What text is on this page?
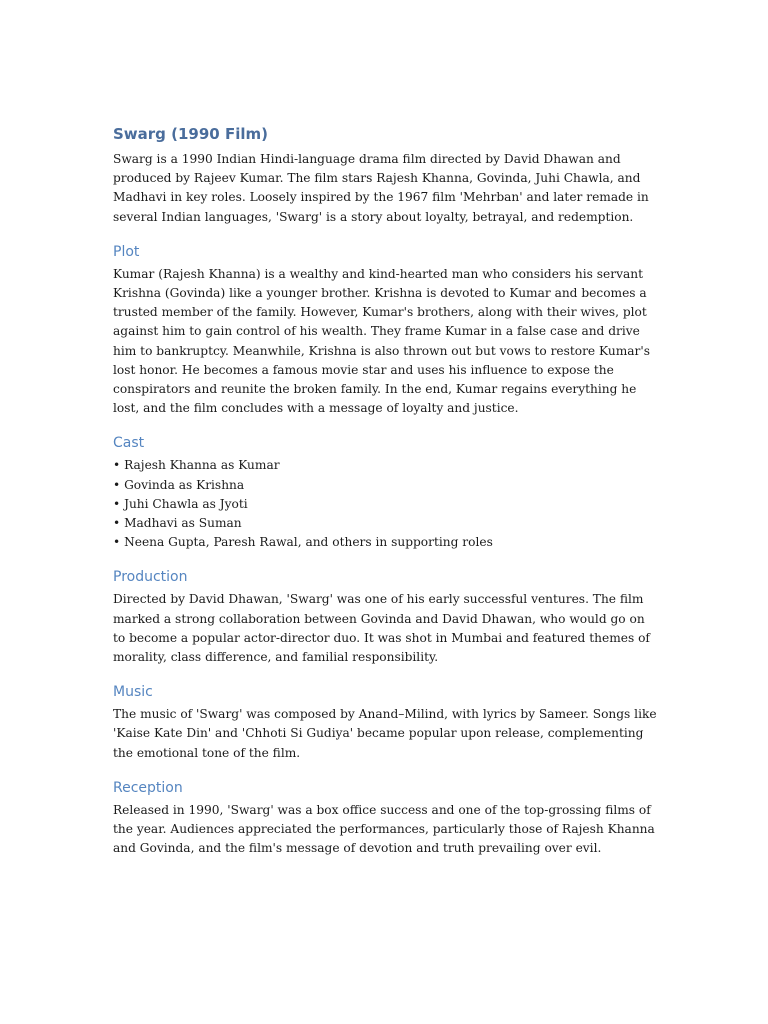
Swarg (1990 Film)

Swarg is a 1990 Indian Hindi-language drama film directed by David Dhawan and produced by Rajeev Kumar. The film stars Rajesh Khanna, Govinda, Juhi Chawla, and Madhavi in key roles. Loosely inspired by the 1967 film 'Mehrban' and later remade in several Indian languages, 'Swarg' is a story about loyalty, betrayal, and redemption.

Plot

Kumar (Rajesh Khanna) is a wealthy and kind-hearted man who considers his servant Krishna (Govinda) like a younger brother. Krishna is devoted to Kumar and becomes a trusted member of the family. However, Kumar's brothers, along with their wives, plot against him to gain control of his wealth. They frame Kumar in a false case and drive him to bankruptcy. Meanwhile, Krishna is also thrown out but vows to restore Kumar's lost honor. He becomes a famous movie star and uses his influence to expose the conspirators and reunite the broken family. In the end, Kumar regains everything he lost, and the film concludes with a message of loyalty and justice.

Cast
• Rajesh Khanna as Kumar
• Govinda as Krishna
• Juhi Chawla as Jyoti
• Madhavi as Suman
• Neena Gupta, Paresh Rawal, and others in supporting roles
Production

Directed by David Dhawan, 'Swarg' was one of his early successful ventures. The film marked a strong collaboration between Govinda and David Dhawan, who would go on to become a popular actor-director duo. It was shot in Mumbai and featured themes of morality, class difference, and familial responsibility.

Music

The music of 'Swarg' was composed by Anand–Milind, with lyrics by Sameer. Songs like 'Kaise Kate Din' and 'Chhoti Si Gudiya' became popular upon release, complementing the emotional tone of the film.

Reception

Released in 1990, 'Swarg' was a box office success and one of the top-grossing films of the year. Audiences appreciated the performances, particularly those of Rajesh Khanna and Govinda, and the film's message of devotion and truth prevailing over evil.
